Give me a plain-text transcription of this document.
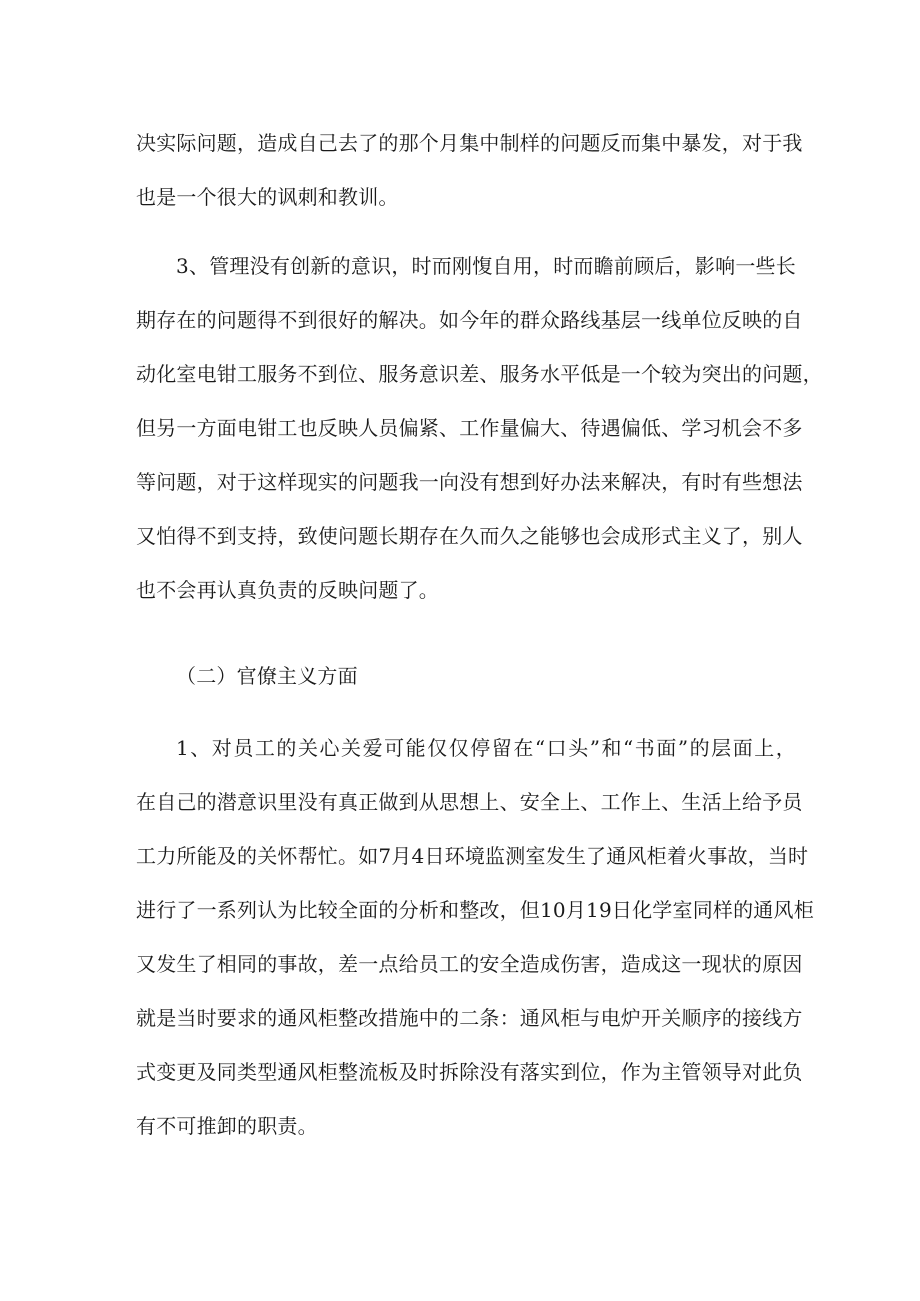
决实际问题，造成自己去了的那个月集中制样的问题反而集中暴发，对于我
也是一个很大的讽刺和教训。
3、管理没有创新的意识，时而刚愎自用，时而瞻前顾后，影响一些长
期存在的问题得不到很好的解决。如今年的群众路线基层一线单位反映的自
动化室电钳工服务不到位、服务意识差、服务水平低是一个较为突出的问题，
但另一方面电钳工也反映人员偏紧、工作量偏大、待遇偏低、学习机会不多
等问题，对于这样现实的问题我一向没有想到好办法来解决，有时有些想法
又怕得不到支持，致使问题长期存在久而久之能够也会成形式主义了，别人
也不会再认真负责的反映问题了。
（二）官僚主义方面
1、对员工的关心关爱可能仅仅停留在“口头”和“书面”的层面上，
在自己的潜意识里没有真正做到从思想上、安全上、工作上、生活上给予员
工力所能及的关怀帮忙。如7月4日环境监测室发生了通风柜着火事故，当时
进行了一系列认为比较全面的分析和整改，但10月19日化学室同样的通风柜
又发生了相同的事故，差一点给员工的安全造成伤害，造成这一现状的原因
就是当时要求的通风柜整改措施中的二条：通风柜与电炉开关顺序的接线方
式变更及同类型通风柜整流板及时拆除没有落实到位，作为主管领导对此负
有不可推卸的职责。
